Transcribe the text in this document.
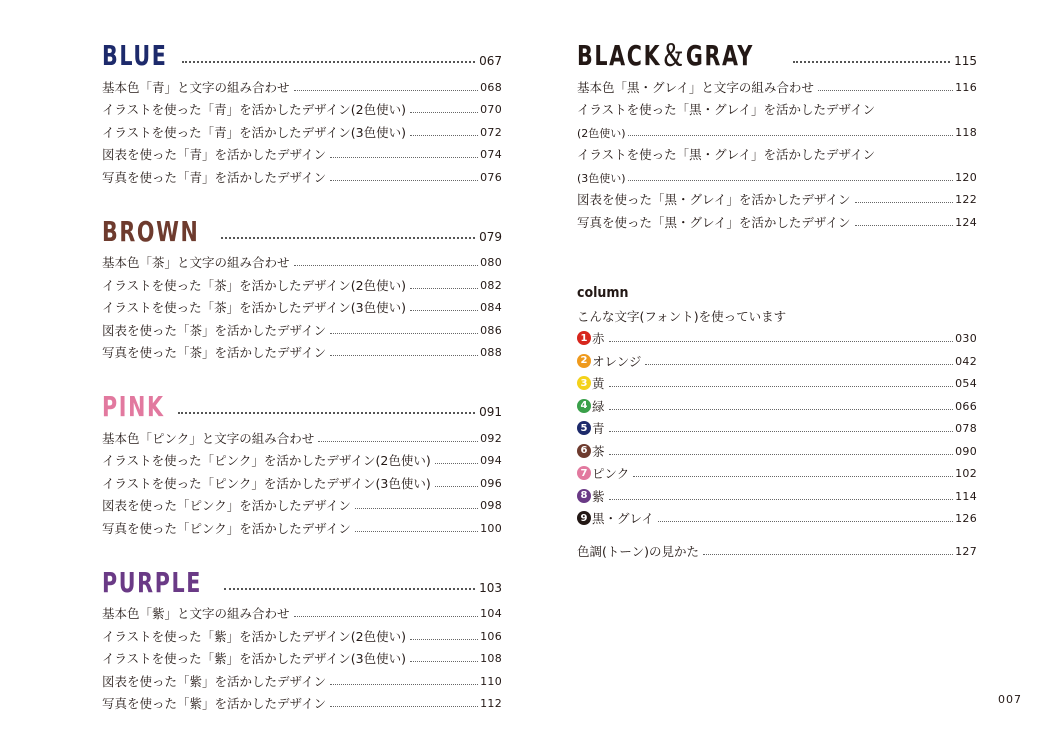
BLUE	067
基本色「青」と文字の組み合わせ	068
イラストを使った「青」を活かしたデザイン(2色使い)	070
イラストを使った「青」を活かしたデザイン(3色使い)	072
図表を使った「青」を活かしたデザイン	074
写真を使った「青」を活かしたデザイン	076
BROWN	079
基本色「茶」と文字の組み合わせ	080
イラストを使った「茶」を活かしたデザイン(2色使い)	082
イラストを使った「茶」を活かしたデザイン(3色使い)	084
図表を使った「茶」を活かしたデザイン	086
写真を使った「茶」を活かしたデザイン	088
PINK	091
基本色「ピンク」と文字の組み合わせ	092
イラストを使った「ピンク」を活かしたデザイン(2色使い)	094
イラストを使った「ピンク」を活かしたデザイン(3色使い)	096
図表を使った「ピンク」を活かしたデザイン	098
写真を使った「ピンク」を活かしたデザイン	100
PURPLE	103
基本色「紫」と文字の組み合わせ	104
イラストを使った「紫」を活かしたデザイン(2色使い)	106
イラストを使った「紫」を活かしたデザイン(3色使い)	108
図表を使った「紫」を活かしたデザイン	110
写真を使った「紫」を活かしたデザイン	112
BLACK＆GRAY	115
基本色「黒・グレイ」と文字の組み合わせ	116
イラストを使った「黒・グレイ」を活かしたデザイン
(2色使い)	118
イラストを使った「黒・グレイ」を活かしたデザイン
(3色使い)	120
図表を使った「黒・グレイ」を活かしたデザイン	122
写真を使った「黒・グレイ」を活かしたデザイン	124
column
こんな文字(フォント)を使っています
1 赤	030
2 オレンジ	042
3 黄	054
4 緑	066
5 青	078
6 茶	090
7 ピンク	102
8 紫	114
9 黒・グレイ	126
色調(トーン)の見かた	127
007
